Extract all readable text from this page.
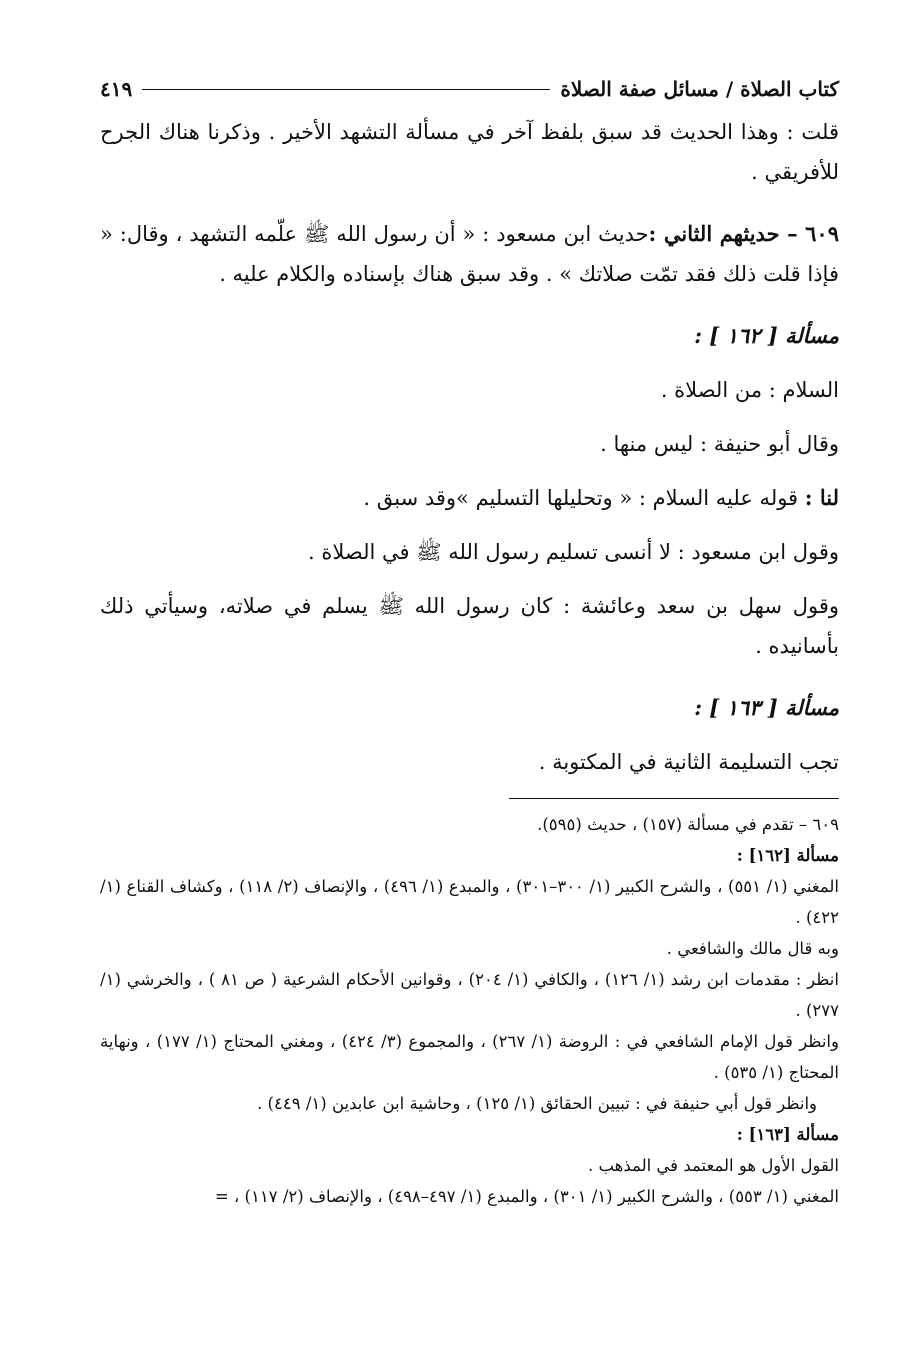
كتاب الصلاة / مسائل صفة الصلاة
٤١٩

قلت : وهذا الحديث قد سبق بلفظ آخر في مسألة التشهد الأخير . وذكرنا هناك الجرح للأفريقي .

٦٠٩ – حديثهم الثاني :حديث ابن مسعود : « أن رسول الله ﷺ علّمه التشهد ، وقال: « فإذا قلت ذلك فقد تمّت صلاتك » . وقد سبق هناك بإسناده والكلام عليه .

مسألة [ ١٦٢ ] :

السلام : من الصلاة .

وقال أبو حنيفة : ليس منها .

لنا : قوله عليه السلام : « وتحليلها التسليم »وقد سبق .

وقول ابن مسعود : لا أنسى تسليم رسول الله ﷺ في الصلاة .

وقول سهل بن سعد وعائشة : كان رسول الله ﷺ يسلم في صلاته، وسيأتي ذلك بأسانيده .

مسألة [ ١٦٣ ] :

تجب التسليمة الثانية في المكتوبة .

٦٠٩ – تقدم في مسألة (١٥٧) ، حديث (٥٩٥).

مسألة [١٦٢] :

المغني (١/ ٥٥١) ، والشرح الكبير (١/ ٣٠٠–٣٠١) ، والمبدع (١/ ٤٩٦) ، والإنصاف (٢/ ١١٨) ، وكشاف القناع (١/ ٤٢٢) .

وبه قال مالك والشافعي .

انظر : مقدمات ابن رشد (١/ ١٢٦) ، والكافي (١/ ٢٠٤) ، وقوانين الأحكام الشرعية ( ص ٨١ ) ، والخرشي (١/ ٢٧٧) .

وانظر قول الإمام الشافعي في : الروضة (١/ ٢٦٧) ، والمجموع (٣/ ٤٢٤) ، ومغني المحتاج (١/ ١٧٧) ، ونهاية المحتاج (١/ ٥٣٥) .

وانظر قول أبي حنيفة في : تبيين الحقائق (١/ ١٢٥) ، وحاشية ابن عابدين (١/ ٤٤٩) .

مسألة [١٦٣] :

القول الأول هو المعتمد في المذهب .

المغني (١/ ٥٥٣) ، والشرح الكبير (١/ ٣٠١) ، والمبدع (١/ ٤٩٧–٤٩٨) ، والإنصاف (٢/ ١١٧) ، =
